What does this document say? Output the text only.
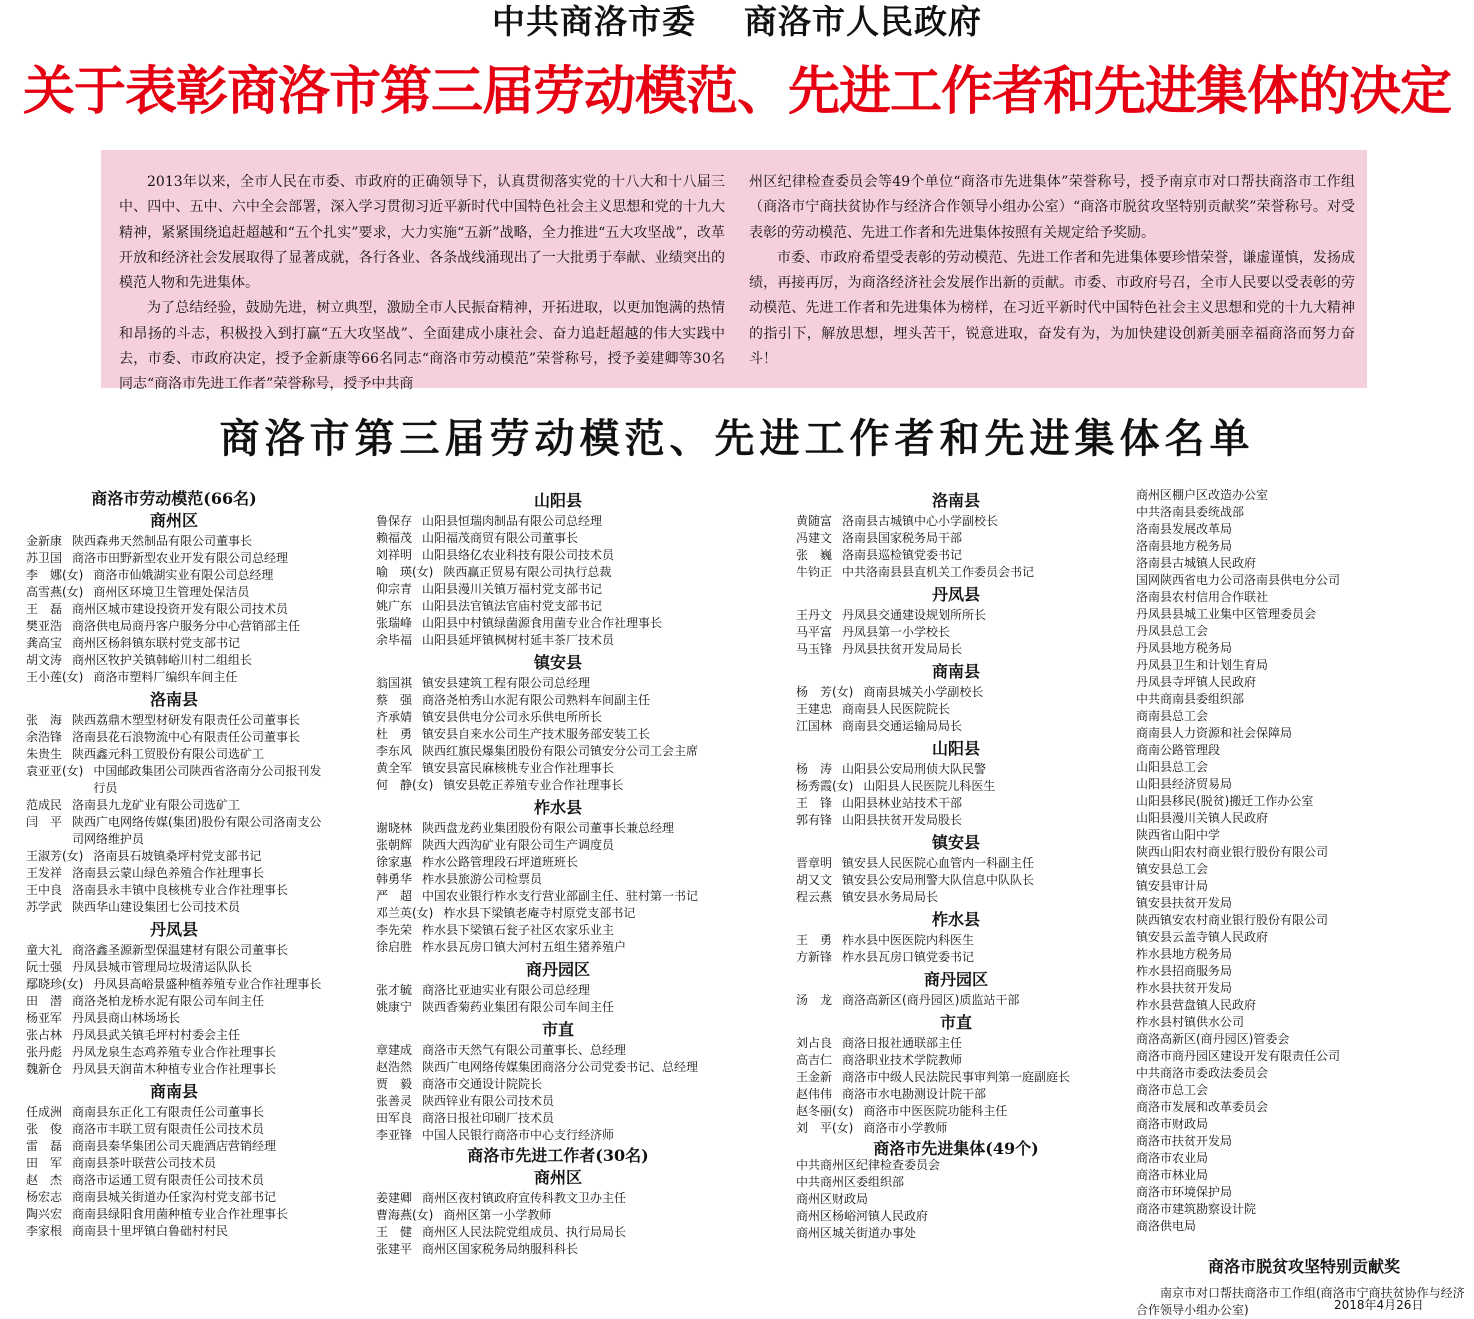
中共商洛市委 商洛市人民政府
关于表彰商洛市第三届劳动模范、先进工作者和先进集体的决定

2013年以来，全市人民在市委、市政府的正确领导下，认真贯彻落实党的十八大和十八届三中、四中、五中、六中全会部署，深入学习贯彻习近平新时代中国特色社会主义思想和党的十九大精神，紧紧围绕追赶超越和“五个扎实”要求，大力实施“五新”战略，全力推进“五大攻坚战”，改革开放和经济社会发展取得了显著成就，各行各业、各条战线涌现出了一大批勇于奉献、业绩突出的模范人物和先进集体。

为了总结经验，鼓励先进，树立典型，激励全市人民振奋精神，开拓进取，以更加饱满的热情和昂扬的斗志，积极投入到打赢“五大攻坚战”、全面建成小康社会、奋力追赶超越的伟大实践中去，市委、市政府决定，授予金新康等66名同志“商洛市劳动模范”荣誉称号，授予姜建卿等30名同志“商洛市先进工作者”荣誉称号，授予中共商

州区纪律检查委员会等49个单位“商洛市先进集体”荣誉称号，授予南京市对口帮扶商洛市工作组（商洛市宁商扶贫协作与经济合作领导小组办公室）“商洛市脱贫攻坚特别贡献奖”荣誉称号。对受表彰的劳动模范、先进工作者和先进集体按照有关规定给予奖励。

市委、市政府希望受表彰的劳动模范、先进工作者和先进集体要珍惜荣誉，谦虚谨慎，发扬成绩，再接再厉，为商洛经济社会发展作出新的贡献。市委、市政府号召，全市人民要以受表彰的劳动模范、先进工作者和先进集体为榜样，在习近平新时代中国特色社会主义思想和党的十九大精神的指引下，解放思想，埋头苦干，锐意进取，奋发有为，为加快建设创新美丽幸福商洛而努力奋斗！

商洛市第三届劳动模范、先进工作者和先进集体名单
商洛市劳动模范(66名)
商州区
金新康 陕西森弗天然制品有限公司董事长
苏卫国 商洛市田野新型农业开发有限公司总经理
李　娜(女) 商洛市仙娥湖实业有限公司总经理
高雪燕(女) 商州区环境卫生管理处保洁员
王　磊 商州区城市建设投资开发有限公司技术员
樊亚浩 商洛供电局商丹客户服务分中心营销部主任
龚高宝 商州区杨斜镇东联村党支部书记
胡文涛 商州区牧护关镇韩峪川村二组组长
王小莲(女) 商洛市塑料厂编织车间主任
洛南县
张　海 陕西荔鼎木塑型材研发有限责任公司董事长
余浩锋 洛南县花石浪物流中心有限责任公司董事长
朱贵生 陕西鑫元科工贸股份有限公司选矿工
袁亚亚(女) 中国邮政集团公司陕西省洛南分公司报刊发行员
范成民 洛南县九龙矿业有限公司选矿工
闫　平 陕西广电网络传媒(集团)股份有限公司洛南支公司网络维护员
王淑芳(女) 洛南县石坡镇桑坪村党支部书记
王发祥 洛南县云蒙山绿色养殖合作社理事长
王中良 洛南县永丰镇中良核桃专业合作社理事长
苏学武 陕西华山建设集团七公司技术员
丹凤县
童大礼 商洛鑫圣源新型保温建材有限公司董事长
阮士强 丹凤县城市管理局垃圾清运队队长
鄢晓珍(女) 丹凤县高峪景盛种植养殖专业合作社理事长
田　潜 商洛尧柏龙桥水泥有限公司车间主任
杨亚军 丹凤县商山林场场长
张占林 丹凤县武关镇毛坪村村委会主任
张丹彪 丹凤龙泉生态鸡养殖专业合作社理事长
魏新仓 丹凤县天润苗木种植专业合作社理事长
商南县
任成洲 商南县东正化工有限责任公司董事长
张　俊 商洛市丰联工贸有限责任公司技术员
雷　磊 商南县秦华集团公司天鹿酒店营销经理
田　军 商南县茶叶联营公司技术员
赵　杰 商洛市运通工贸有限责任公司技术员
杨宏志 商南县城关街道办任家沟村党支部书记
陶兴宏 商南县绿阳食用菌种植专业合作社理事长
李家根 商南县十里坪镇白鲁础村村民
山阳县
鲁保存 山阳县恒瑞肉制品有限公司总经理
赖福茂 山阳福茂商贸有限公司董事长
刘祥明 山阳县络亿农业科技有限公司技术员
喻　瑛(女) 陕西赢正贸易有限公司执行总裁
仰宗青 山阳县漫川关镇万福村党支部书记
姚广东 山阳县法官镇法官庙村党支部书记
张瑞峰 山阳县中村镇绿菌源食用菌专业合作社理事长
余毕福 山阳县延坪镇枫树村延丰茶厂技术员
镇安县
翁国祺 镇安县建筑工程有限公司总经理
蔡　强 商洛尧柏秀山水泥有限公司熟料车间副主任
齐承婧 镇安县供电分公司永乐供电所所长
杜　勇 镇安县自来水公司生产技术服务部安装工长
李东风 陕西红旗民爆集团股份有限公司镇安分公司工会主席
黄全军 镇安县富民麻核桃专业合作社理事长
何　静(女) 镇安县乾正养殖专业合作社理事长
柞水县
谢晓林 陕西盘龙药业集团股份有限公司董事长兼总经理
张朝辉 陕西大西沟矿业有限公司生产调度员
徐家惠 柞水公路管理段石坪道班班长
韩勇华 柞水县旅游公司检票员
严　超 中国农业银行柞水支行营业部副主任、驻村第一书记
邓兰英(女) 柞水县下梁镇老庵寺村原党支部书记
李先荣 柞水县下梁镇石瓮子社区农家乐业主
徐启胜 柞水县瓦房口镇大河村五组生猪养殖户
商丹园区
张才毓 商洛比亚迪实业有限公司总经理
姚康宁 陕西香菊药业集团有限公司车间主任
市直
章建成 商洛市天然气有限公司董事长、总经理
赵浩然 陕西广电网络传媒集团商洛分公司党委书记、总经理
贾　毅 商洛市交通设计院院长
张善灵 陕西锌业有限公司技术员
田军良 商洛日报社印刷厂技术员
李亚锋 中国人民银行商洛市中心支行经济师
商洛市先进工作者(30名)
商州区
姜建卿 商州区夜村镇政府宣传科教文卫办主任
曹海燕(女) 商州区第一小学教师
王　健 商州区人民法院党组成员、执行局局长
张建平 商州区国家税务局纳服科科长
洛南县
黄随富 洛南县古城镇中心小学副校长
冯建文 洛南县国家税务局干部
张　巍 洛南县巡检镇党委书记
牛钧正 中共洛南县县直机关工作委员会书记
丹凤县
王丹文 丹凤县交通建设规划所所长
马平富 丹凤县第一小学校长
马玉锋 丹凤县扶贫开发局局长
商南县
杨　芳(女) 商南县城关小学副校长
王建忠 商南县人民医院院长
江国林 商南县交通运输局局长
山阳县
杨　涛 山阳县公安局刑侦大队民警
杨秀霞(女) 山阳县人民医院儿科医生
王　锋 山阳县林业站技术干部
郭有锋 山阳县扶贫开发局股长
镇安县
晋章明 镇安县人民医院心血管内一科副主任
胡又文 镇安县公安局刑警大队信息中队队长
程云燕 镇安县水务局局长
柞水县
王　勇 柞水县中医医院内科医生
方新锋 柞水县瓦房口镇党委书记
商丹园区
汤　龙 商洛高新区(商丹园区)质监站干部
市直
刘占良 商洛日报社通联部主任
高吉仁 商洛职业技术学院教师
王金新 商洛市中级人民法院民事审判第一庭副庭长
赵伟伟 商洛市水电勘测设计院干部
赵冬丽(女) 商洛市中医医院功能科主任
刘　平(女) 商洛市小学教师
商洛市先进集体(49个)
中共商州区纪律检查委员会
中共商州区委组织部
商州区财政局
商州区杨峪河镇人民政府
商州区城关街道办事处
商州区棚户区改造办公室
中共洛南县委统战部
洛南县发展改革局
洛南县地方税务局
洛南县古城镇人民政府
国网陕西省电力公司洛南县供电分公司
洛南县农村信用合作联社
丹凤县县城工业集中区管理委员会
丹凤县总工会
丹凤县地方税务局
丹凤县卫生和计划生育局
丹凤县寺坪镇人民政府
中共商南县委组织部
商南县总工会
商南县人力资源和社会保障局
商南公路管理段
山阳县总工会
山阳县经济贸易局
山阳县移民(脱贫)搬迁工作办公室
山阳县漫川关镇人民政府
陕西省山阳中学
陕西山阳农村商业银行股份有限公司
镇安县总工会
镇安县审计局
镇安县扶贫开发局
陕西镇安农村商业银行股份有限公司
镇安县云盖寺镇人民政府
柞水县地方税务局
柞水县招商服务局
柞水县扶贫开发局
柞水县营盘镇人民政府
柞水县村镇供水公司
商洛高新区(商丹园区)管委会
商洛市商丹园区建设开发有限责任公司
中共商洛市委政法委员会
商洛市总工会
商洛市发展和改革委员会
商洛市财政局
商洛市扶贫开发局
商洛市农业局
商洛市林业局
商洛市环境保护局
商洛市建筑勘察设计院
商洛供电局
商洛市脱贫攻坚特别贡献奖
南京市对口帮扶商洛市工作组(商洛市宁商扶贫协作与经济合作领导小组办公室)	2018年4月26日
